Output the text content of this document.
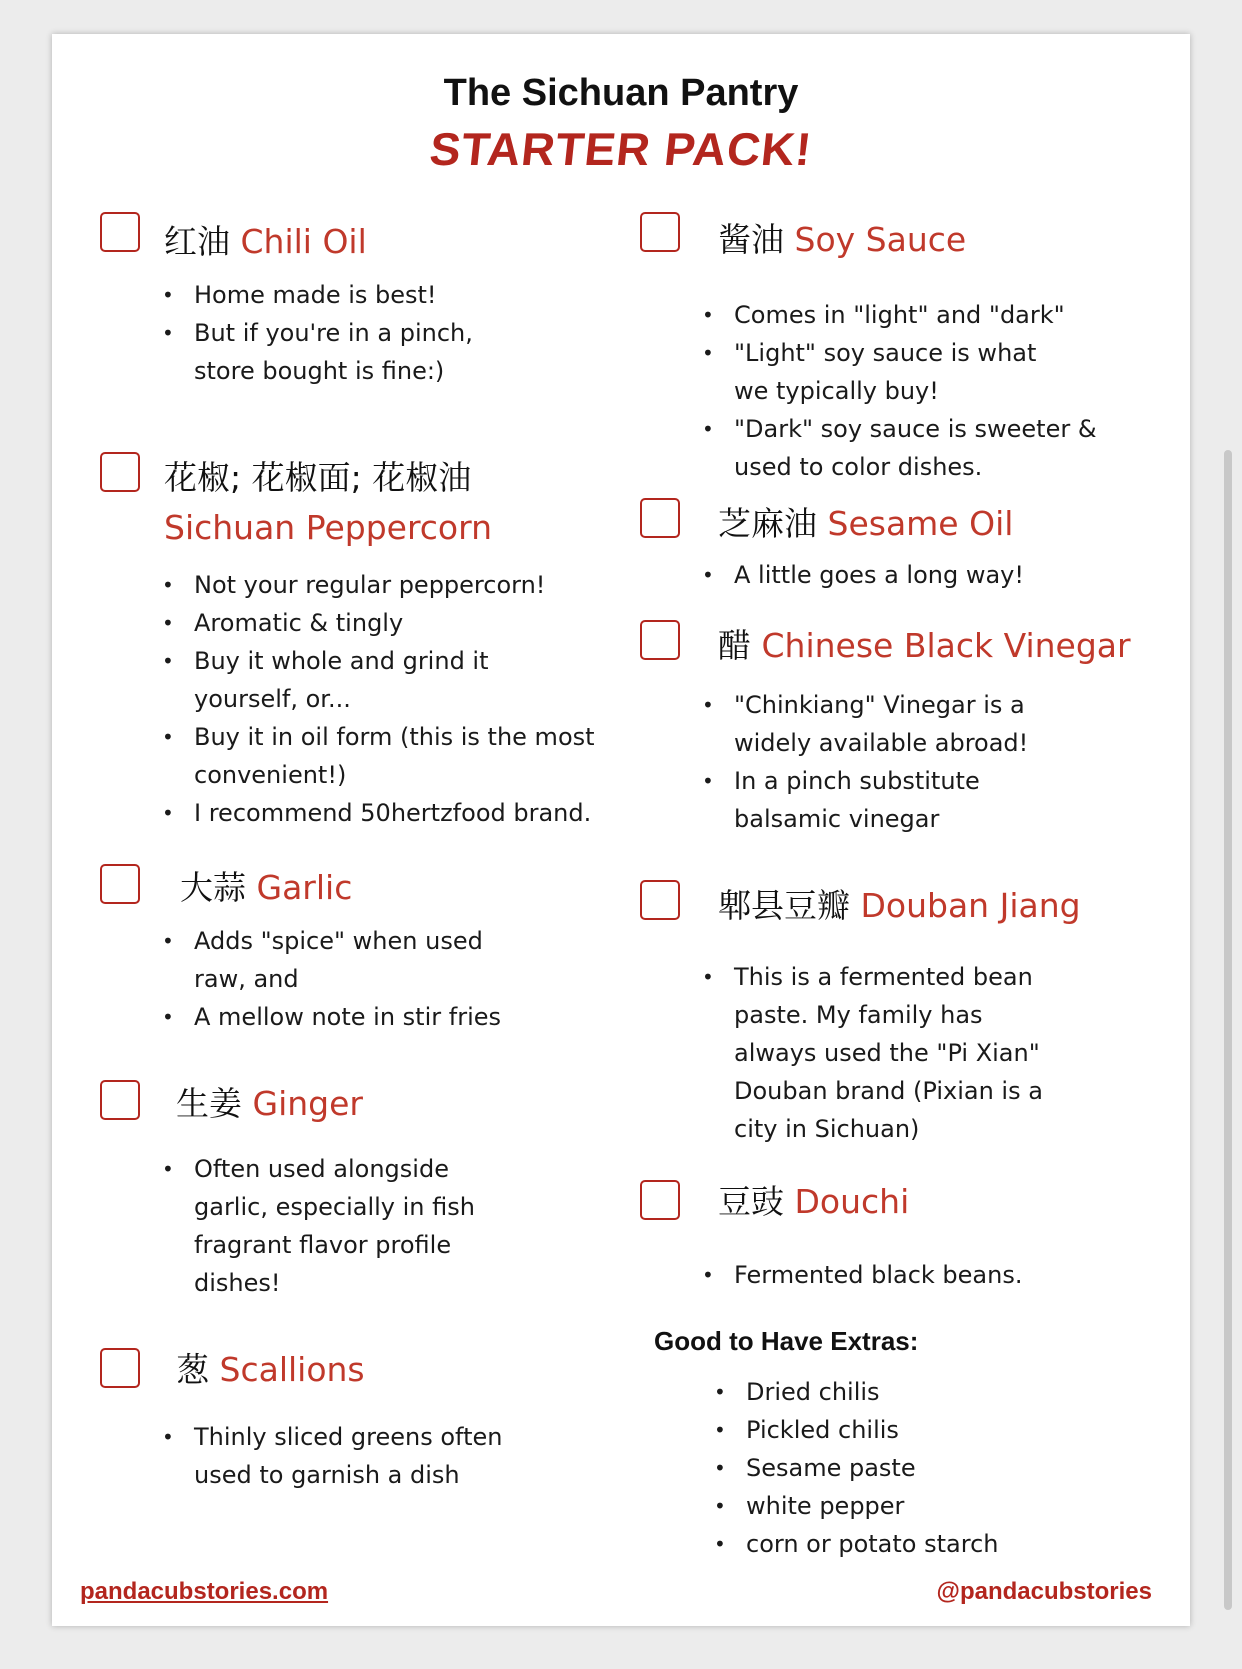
The Sichuan Pantry
STARTER PACK!
红油 Chili Oil
• Home made is best!
• But if you're in a pinch, store bought is fine:)
花椒; 花椒面; 花椒油
Sichuan Peppercorn
• Not your regular peppercorn!
• Aromatic & tingly
• Buy it whole and grind it yourself, or...
• Buy it in oil form (this is the most convenient!)
• I recommend 50hertzfood brand.
大蒜 Garlic
• Adds "spice" when used raw, and
• A mellow note in stir fries
生姜 Ginger
• Often used alongside garlic, especially in fish fragrant flavor profile dishes!
葱 Scallions
• Thinly sliced greens often used to garnish a dish
酱油 Soy Sauce
• Comes in "light" and "dark"
• "Light" soy sauce is what we typically buy!
• "Dark" soy sauce is sweeter & used to color dishes.
芝麻油 Sesame Oil
• A little goes a long way!
醋 Chinese Black Vinegar
• "Chinkiang" Vinegar is a widely available abroad!
• In a pinch substitute balsamic vinegar
郫县豆瓣 Douban Jiang
• This is a fermented bean paste. My family has always used the "Pi Xian" Douban brand (Pixian is a city in Sichuan)
豆豉 Douchi
• Fermented black beans.
Good to Have Extras:
• Dried chilis
• Pickled chilis
• Sesame paste
• white pepper
• corn or potato starch
pandacubstories.com	@pandacubstories
